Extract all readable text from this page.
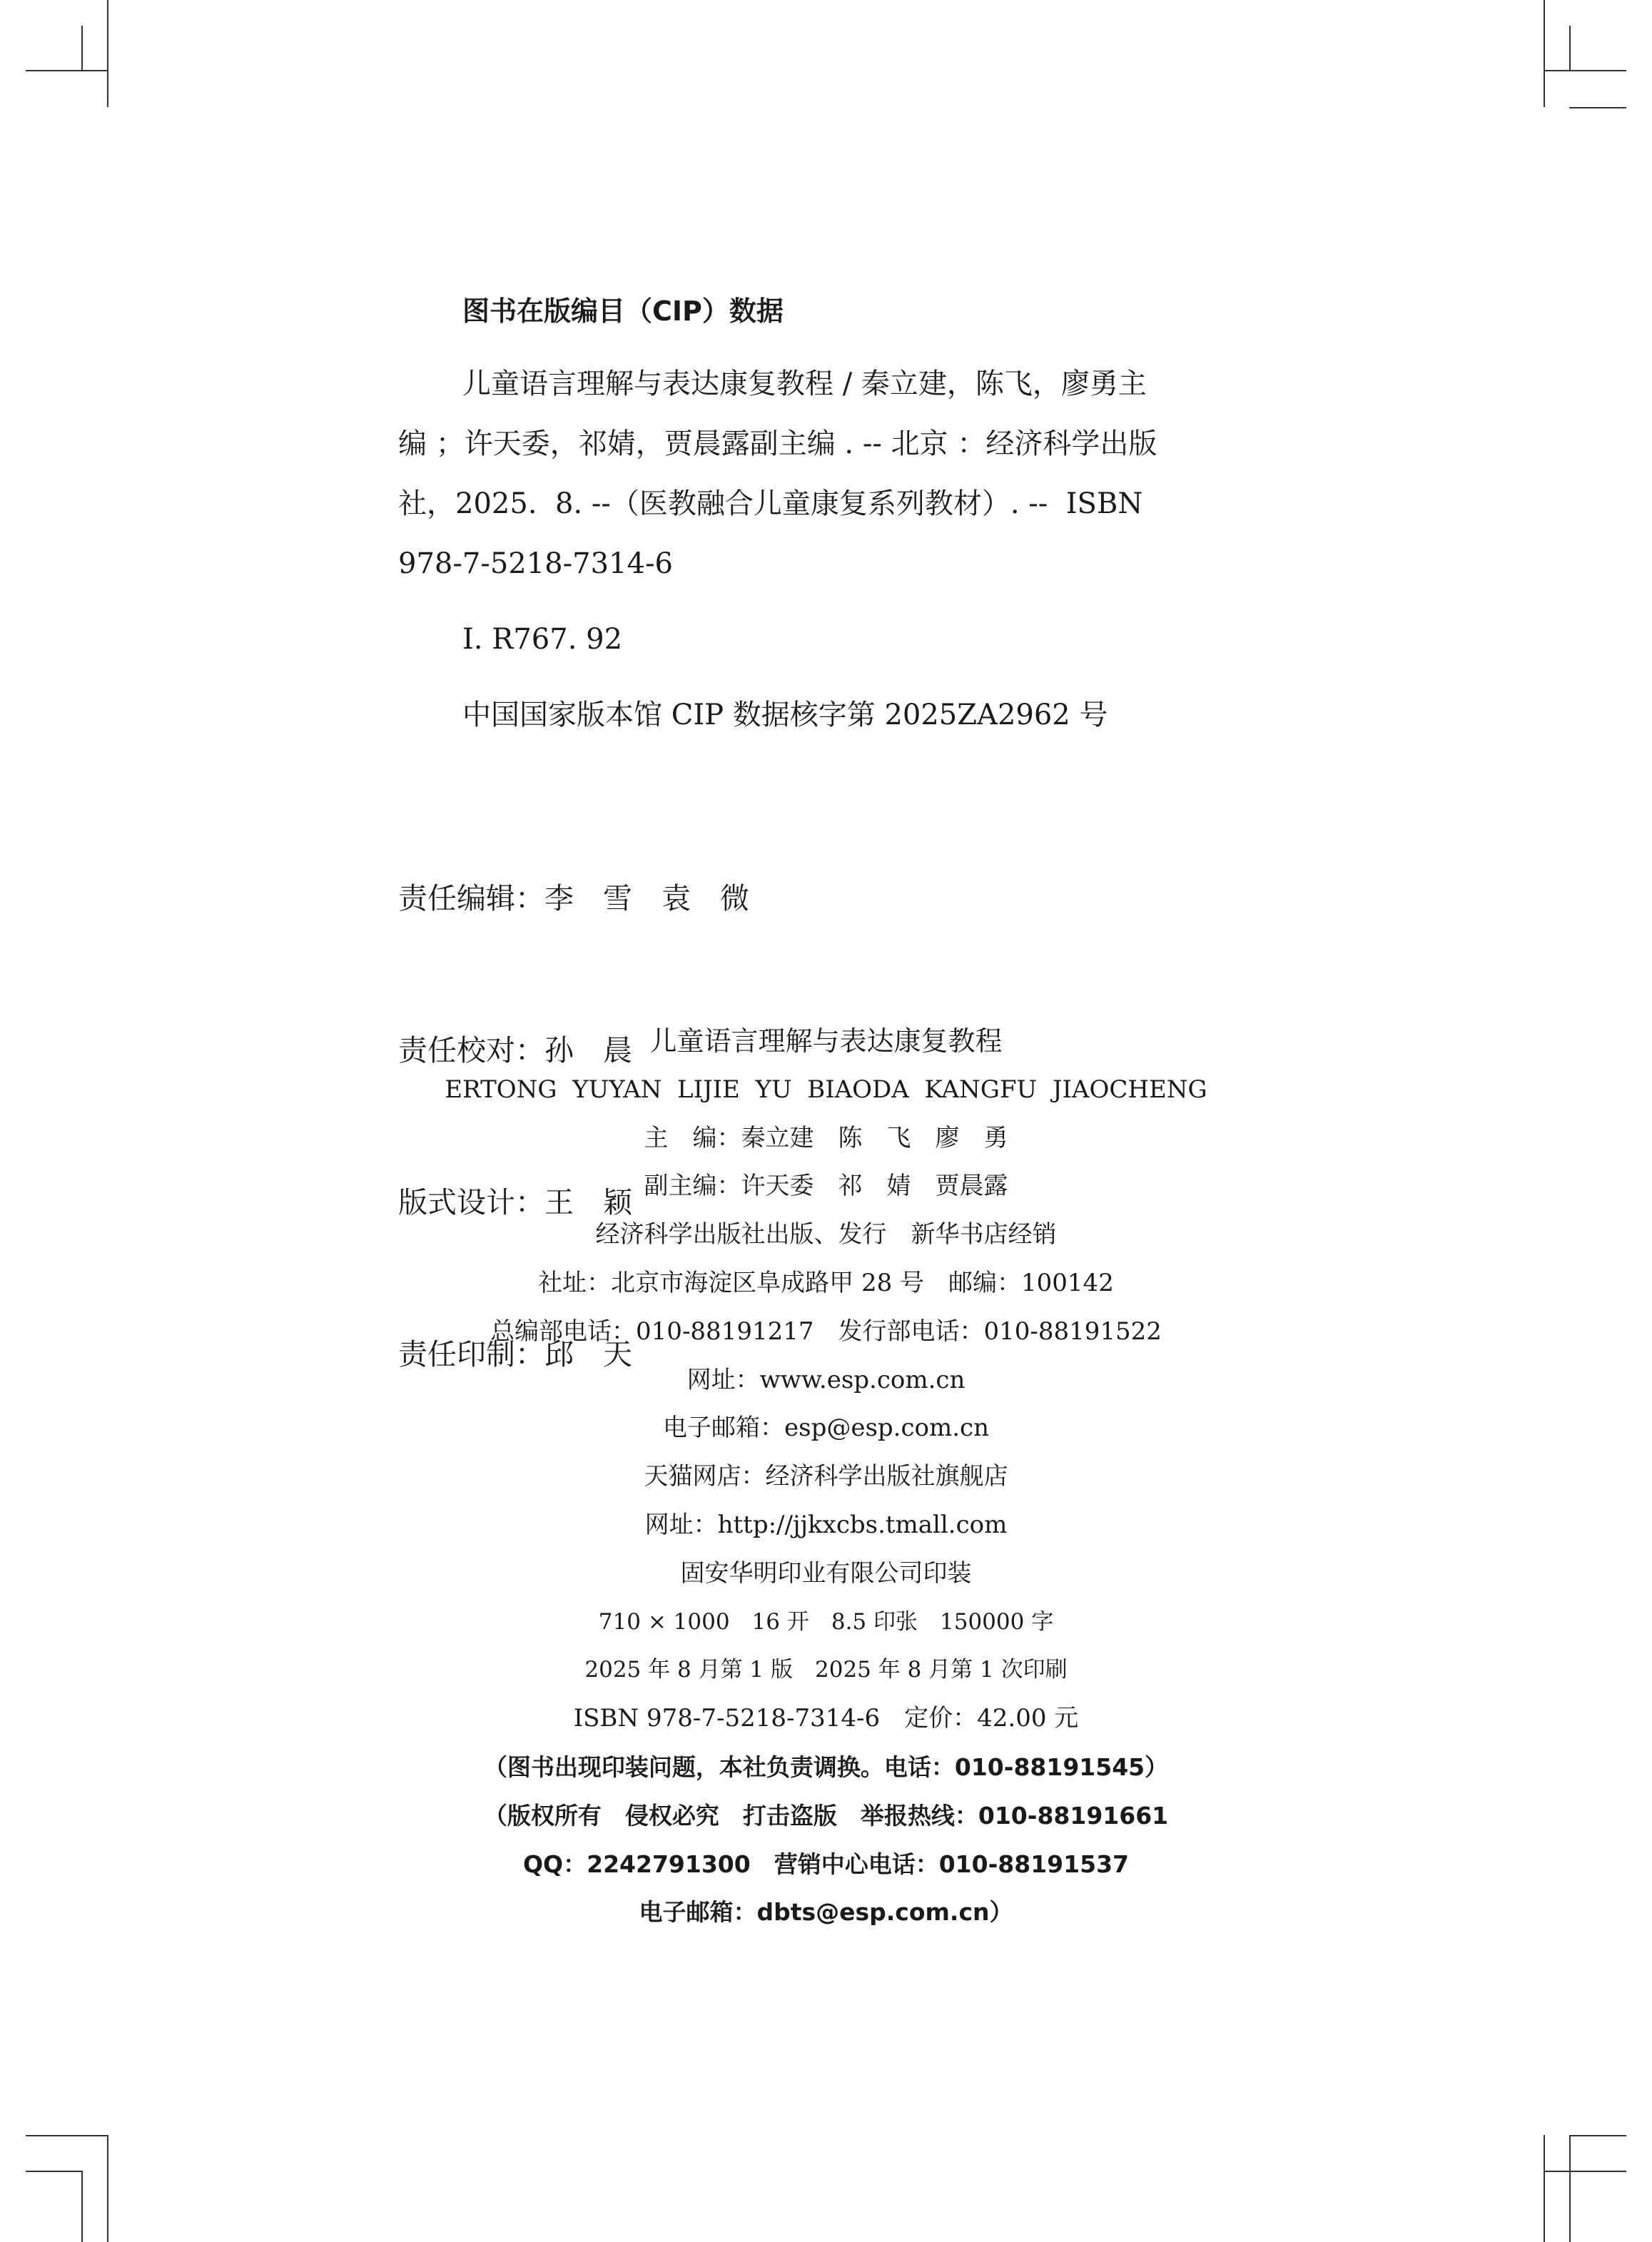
图书在版编目（CIP）数据

儿童语言理解与表达康复教程 / 秦立建，陈飞，廖勇主编 ；许天委，祁婧，贾晨露副主编 . -- 北京 ：经济科学出版社，2025.  8. --（医教融合儿童康复系列教材）. --  ISBN 978-7-5218-7314-6

Ⅰ. R767. 92

中国国家版本馆 CIP 数据核字第 2025ZA2962 号

责任编辑：李　雪　袁　微

责任校对：孙　晨

版式设计：王　颖

责任印制：邱　天

儿童语言理解与表达康复教程
ERTONG  YUYAN  LIJIE  YU  BIAODA  KANGFU  JIAOCHENG
主　编：秦立建　陈　飞　廖　勇
副主编：许天委　祁　婧　贾晨露
经济科学出版社出版、发行　新华书店经销
社址：北京市海淀区阜成路甲 28 号　邮编：100142
总编部电话：010-88191217　发行部电话：010-88191522
网址：www.esp.com.cn
电子邮箱：esp@esp.com.cn
天猫网店：经济科学出版社旗舰店
网址：http://jjkxcbs.tmall.com
固安华明印业有限公司印装
710 × 1000　16 开　8.5 印张　150000 字
2025 年 8 月第 1 版　2025 年 8 月第 1 次印刷
ISBN 978-7-5218-7314-6　定价：42.00 元
（图书出现印装问题，本社负责调换。电话：010-88191545）
（版权所有　侵权必究　打击盗版　举报热线：010-88191661
QQ：2242791300　营销中心电话：010-88191537
电子邮箱：dbts@esp.com.cn）
